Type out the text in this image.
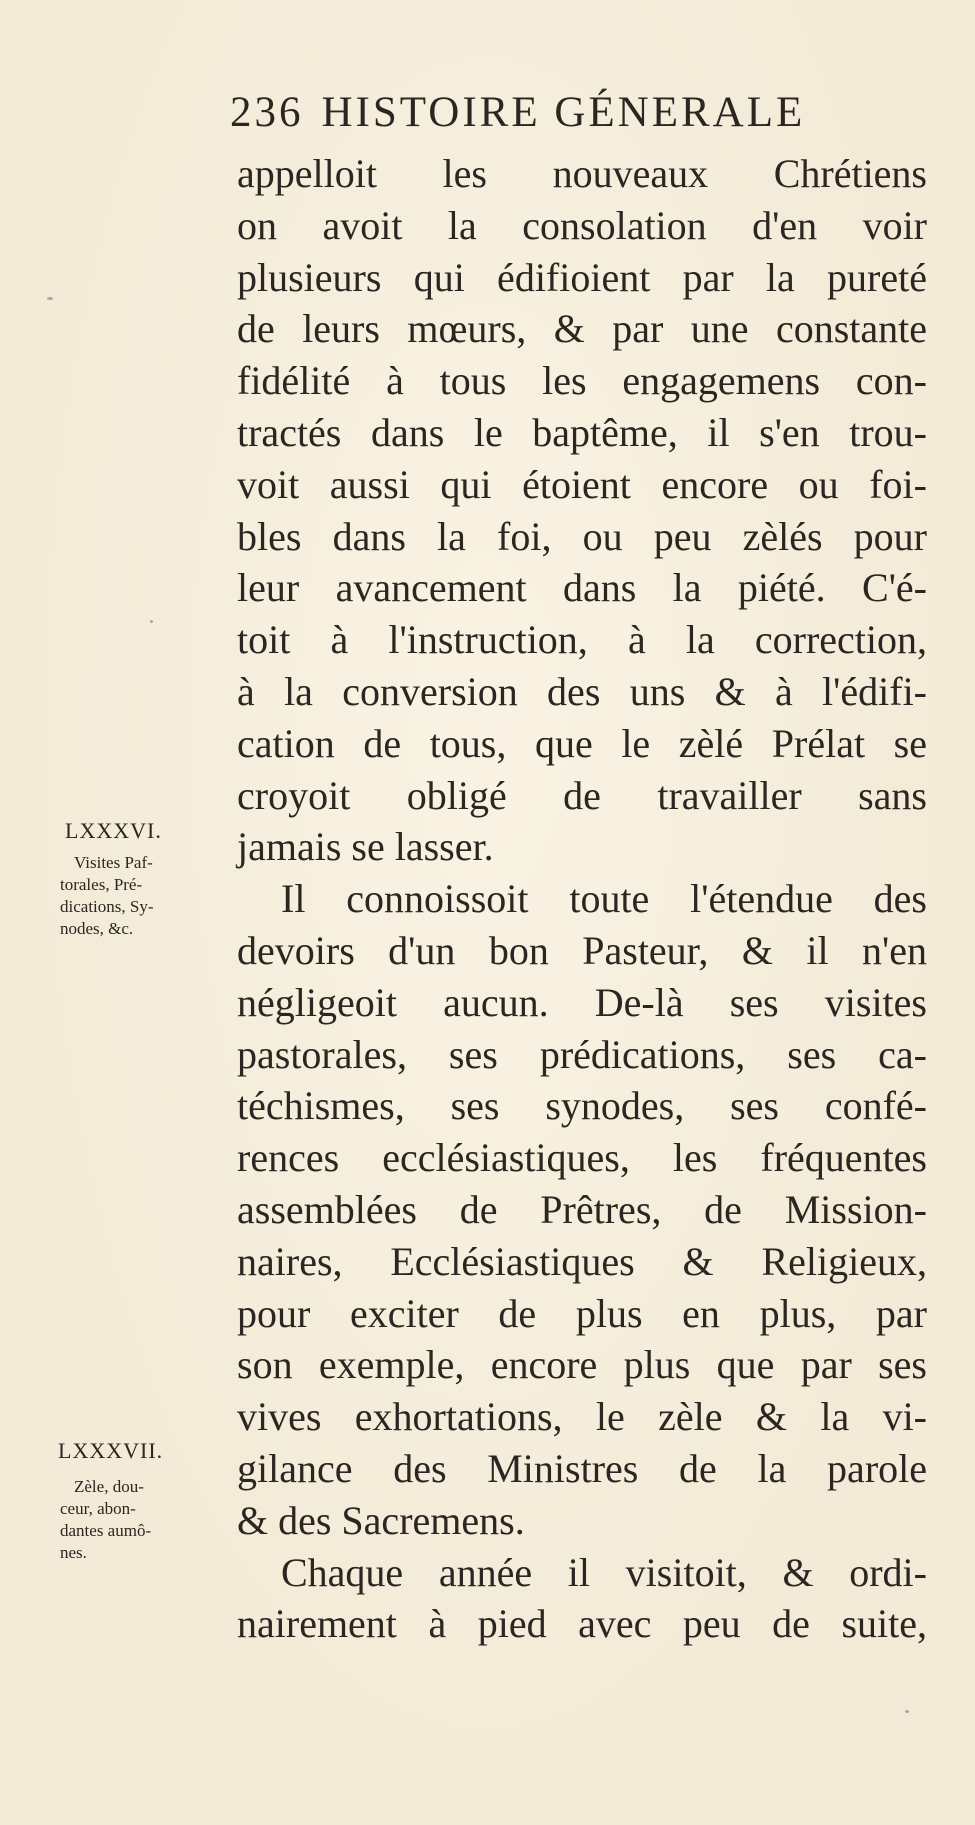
236 HISTOIRE GÉNERALE
appelloit les nouveaux Chrétiens
on avoit la consolation d'en voir
plusieurs qui édifioient par la pureté
de leurs mœurs, & par une constante
fidélité à tous les engagemens con-
tractés dans le baptême, il s'en trou-
voit aussi qui étoient encore ou foi-
bles dans la foi, ou peu zèlés pour
leur avancement dans la piété. C'é-
toit à l'instruction, à la correction,
à la conversion des uns & à l'édifi-
cation de tous, que le zèlé Prélat se
croyoit obligé de travailler sans
jamais se lasser.
Il connoissoit toute l'étendue des
devoirs d'un bon Pasteur, & il n'en
négligeoit aucun. De-là ses visites
pastorales, ses prédications, ses ca-
téchismes, ses synodes, ses confé-
rences ecclésiastiques, les fréquentes
assemblées de Prêtres, de Mission-
naires, Ecclésiastiques & Religieux,
pour exciter de plus en plus, par
son exemple, encore plus que par ses
vives exhortations, le zèle & la vi-
gilance des Ministres de la parole
& des Sacremens.
Chaque année il visitoit, & ordi-
nairement à pied avec peu de suite,
LXXXVI.
Visites Paf-
torales, Pré-
dications, Sy-
nodes, &c.
LXXXVII.
Zèle, dou-
ceur, abon-
dantes aumô-
nes.
